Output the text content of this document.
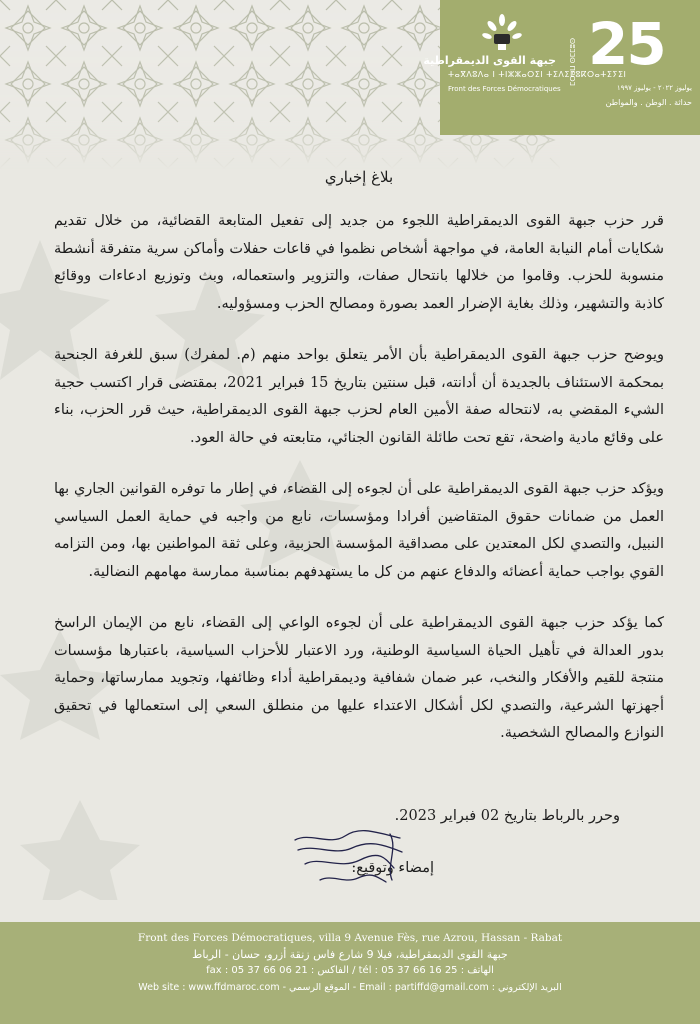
جبهة القوى الديمقراطية
ⵜⴰⴳⴷⵓⴷⴰ ⵏ ⵜⵏⵣⵣⴰⵔⵉⵏ ⵜⵉⴷⵉⵎⵓⴽⵔⴰⵜⵉⵢⵉⵏ
Front des Forces Démocratiques
ⵎⵔⴰⵡ ⵙⵎⵎⵓⵙ 25
يوليوز ٢٠٢٢ - يوليوز ١٩٩٧
حداثة . الوطن . والمواطن
بلاغ إخباري

قرر حزب جبهة القوى الديمقراطية اللجوء من جديد إلى تفعيل المتابعة القضائية، من خلال تقديم شكايات أمام النيابة العامة، في مواجهة أشخاص نظموا في قاعات حفلات وأماكن سرية متفرقة أنشطة منسوبة للحزب. وقاموا من خلالها بانتحال صفات، والتزوير واستعماله، وبث وتوزيع ادعاءات ووقائع كاذبة والتشهير، وذلك بغاية الإضرار العمد بصورة ومصالح الحزب ومسؤوليه.

ويوضح حزب جبهة القوى الديمقراطية بأن الأمر يتعلق بواحد منهم (م. لمفرك) سبق للغرفة الجنحية بمحكمة الاستئناف بالجديدة أن أدانته، قبل سنتين بتاريخ 15 فبراير 2021، بمقتضى قرار اكتسب حجية الشيء المقضي به، لانتحاله صفة الأمين العام لحزب جبهة القوى الديمقراطية، حيث قرر الحزب، بناء على وقائع مادية واضحة، تقع تحت طائلة القانون الجنائي، متابعته في حالة العود.

ويؤكد حزب جبهة القوى الديمقراطية على أن لجوءه إلى القضاء، في إطار ما توفره القوانين الجاري بها العمل من ضمانات حقوق المتقاضين أفرادا ومؤسسات، نابع من واجبه في حماية العمل السياسي النبيل، والتصدي لكل المعتدين على مصداقية المؤسسة الحزبية، وعلى ثقة المواطنين بها، ومن التزامه القوي بواجب حماية أعضائه والدفاع عنهم من كل ما يستهدفهم بمناسبة ممارسة مهامهم النضالية.

كما يؤكد حزب جبهة القوى الديمقراطية على أن لجوءه الواعي إلى القضاء، نابع من الإيمان الراسخ بدور العدالة في تأهيل الحياة السياسية الوطنية، ورد الاعتبار للأحزاب السياسية، باعتبارها مؤسسات منتجة للقيم والأفكار والنخب، عبر ضمان شفافية وديمقراطية أداء وظائفها، وتجويد ممارساتها، وحماية أجهزتها الشرعية، والتصدي لكل أشكال الاعتداء عليها من منطلق السعي إلى استعمالها في تحقيق النوازع والمصالح الشخصية.

وحرر بالرباط بتاريخ 02 فبراير 2023.
إمضاء وتوقيع:
Front des Forces Démocratiques, villa 9 Avenue Fès, rue Azrou, Hassan - Rabat
جبهة القوى الديمقراطية، فيلا 9 شارع فاس زنقة أزرو، حسان - الرباط
fax : 05 37 66 06 21 : الفاكس / tél : 05 37 66 16 25 : الهاتف
Web site : www.ffdmaroc.com - الموقع الرسمي - Email : partiffd@gmail.com : البريد الإلكتروني
